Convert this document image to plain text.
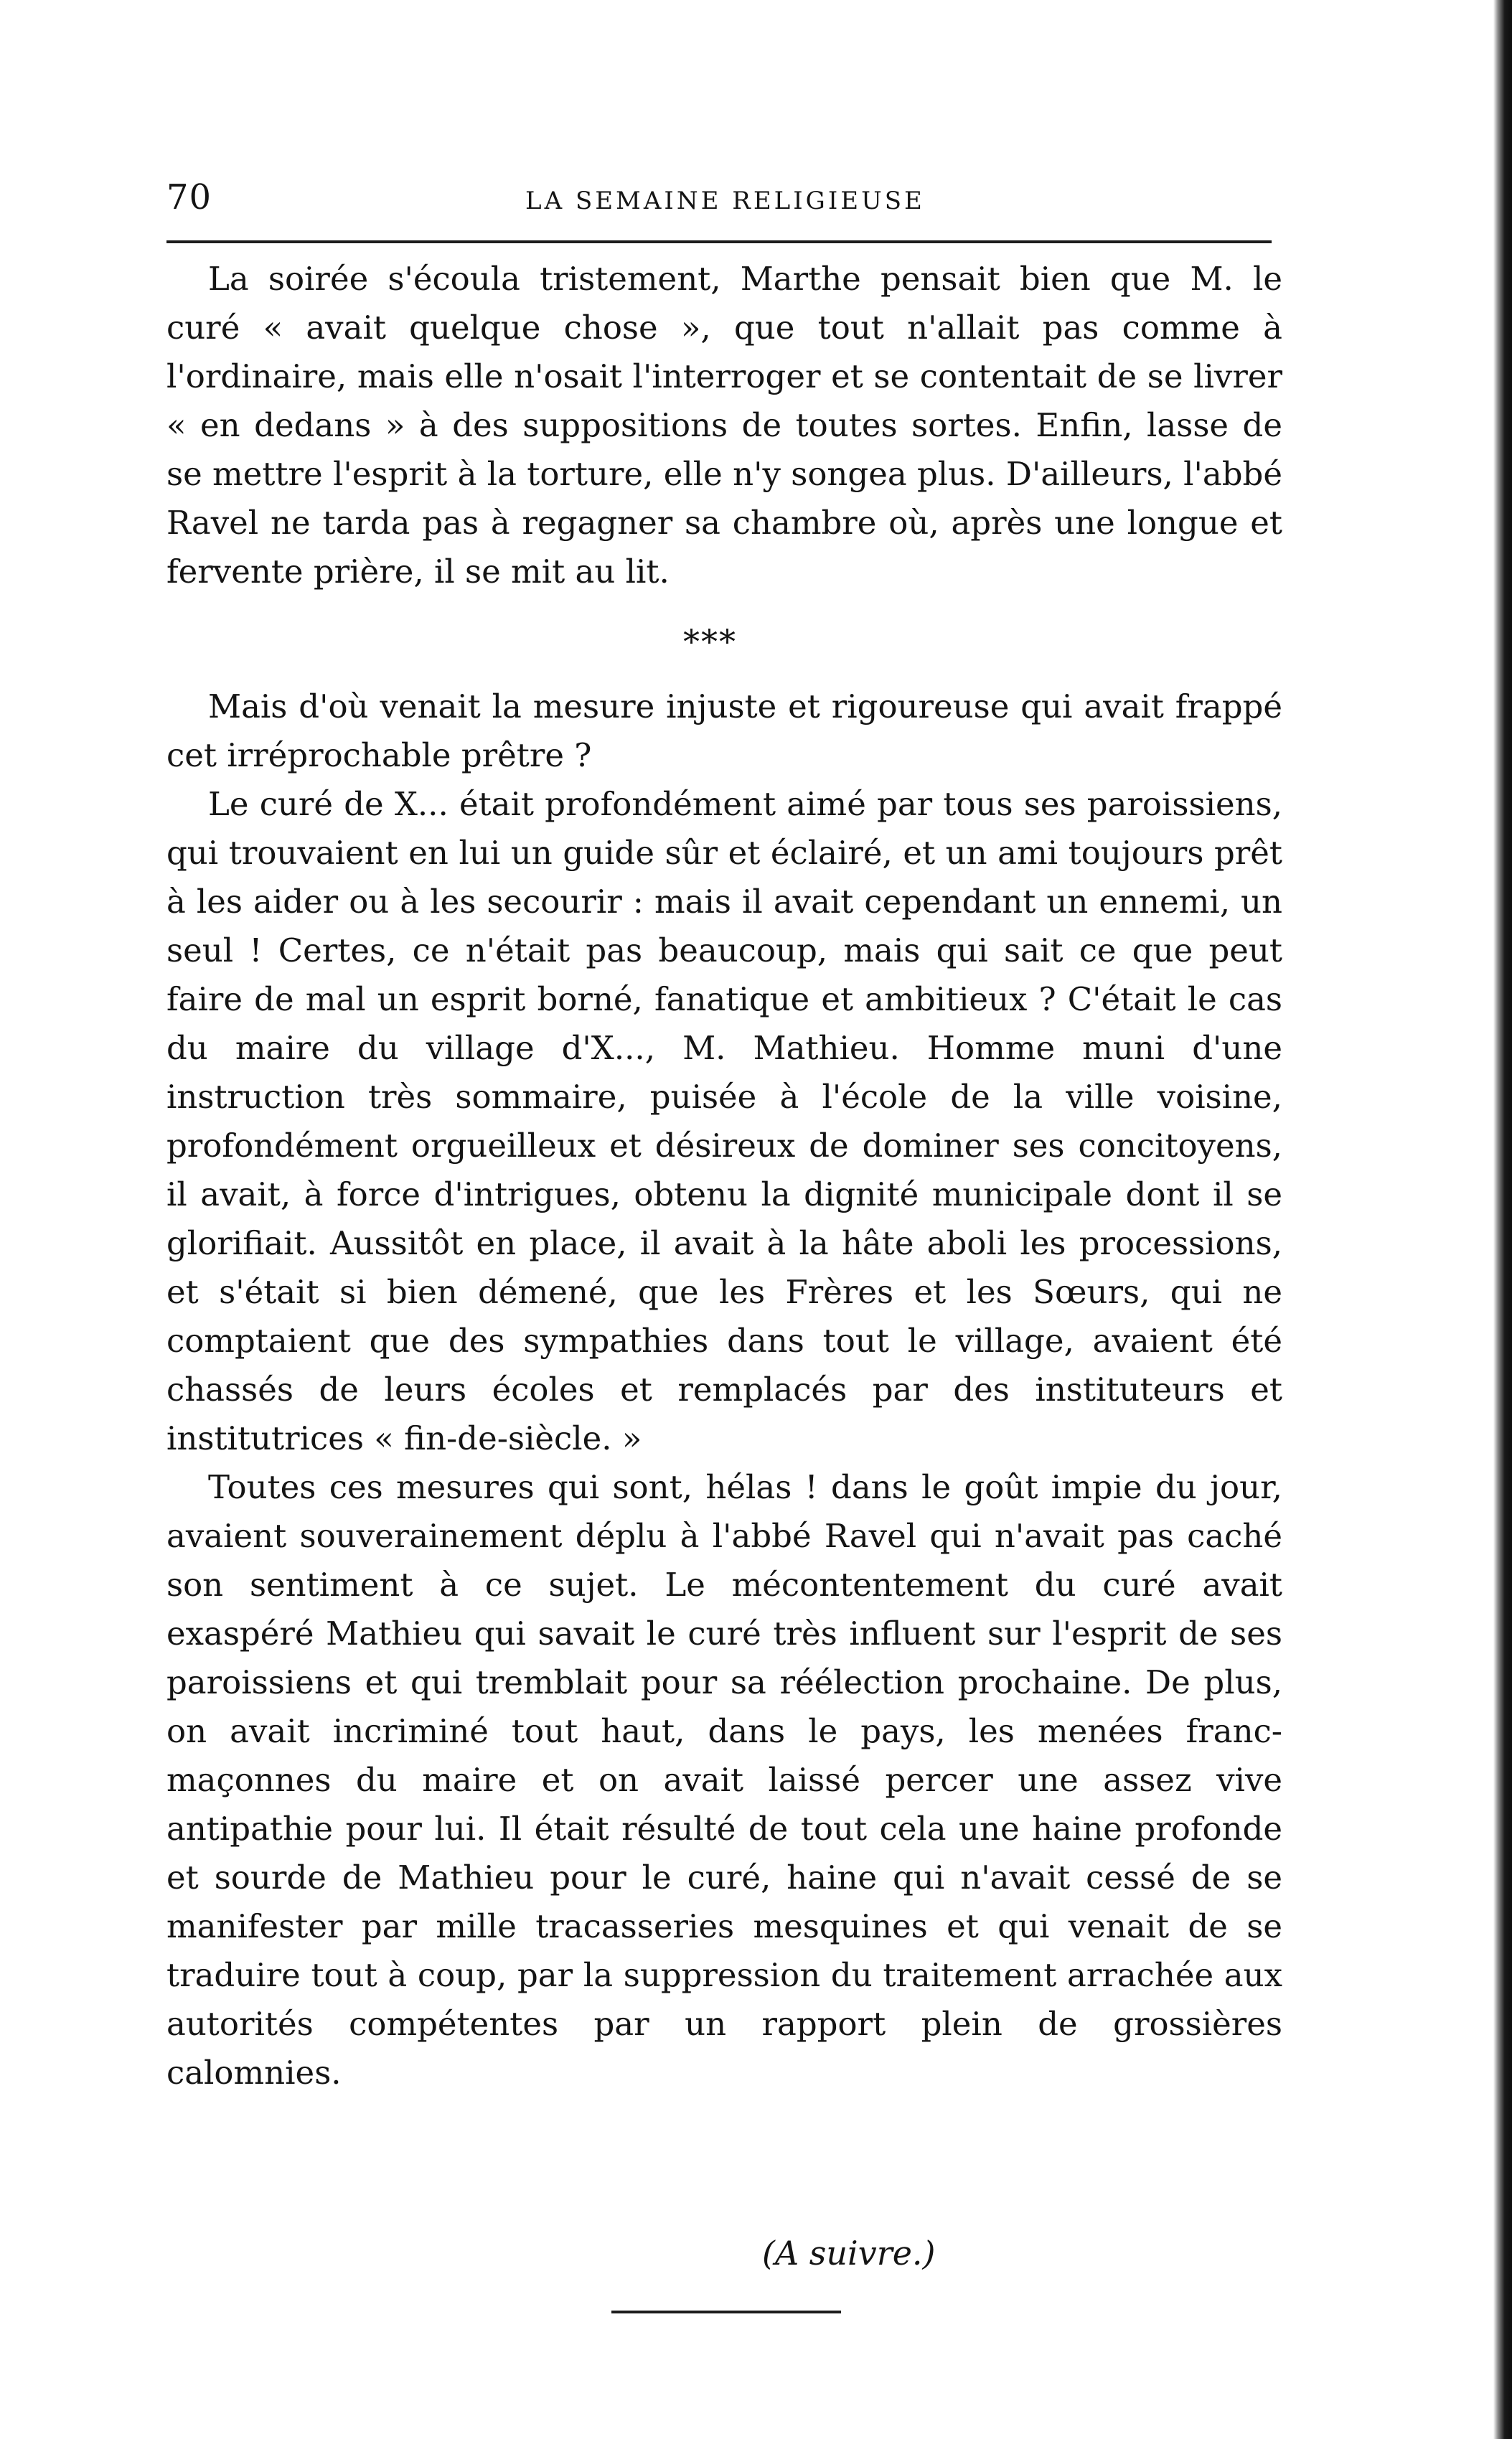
70	LA SEMAINE RELIGIEUSE

La soirée s'écoula tristement, Marthe pensait bien que M. le curé « avait quelque chose », que tout n'allait pas comme à l'ordinaire, mais elle n'osait l'interroger et se contentait de se livrer « en dedans » à des suppositions de toutes sortes. Enfin, lasse de se mettre l'esprit à la torture, elle n'y songea plus. D'ailleurs, l'abbé Ravel ne tarda pas à regagner sa chambre où, après une longue et fervente prière, il se mit au lit.

***

Mais d'où venait la mesure injuste et rigoureuse qui avait frappé cet irréprochable prêtre ?

Le curé de X... était profondément aimé par tous ses paroissiens, qui trouvaient en lui un guide sûr et éclairé, et un ami toujours prêt à les aider ou à les secourir : mais il avait cependant un ennemi, un seul ! Certes, ce n'était pas beaucoup, mais qui sait ce que peut faire de mal un esprit borné, fanatique et ambitieux ? C'était le cas du maire du village d'X..., M. Mathieu. Homme muni d'une instruction très sommaire, puisée à l'école de la ville voisine, profondément orgueilleux et désireux de dominer ses concitoyens, il avait, à force d'intrigues, obtenu la dignité municipale dont il se glorifiait. Aussitôt en place, il avait à la hâte aboli les processions, et s'était si bien démené, que les Frères et les Sœurs, qui ne comptaient que des sympathies dans tout le village, avaient été chassés de leurs écoles et remplacés par des instituteurs et institutrices « fin-de-siècle. »

Toutes ces mesures qui sont, hélas ! dans le goût impie du jour, avaient souverainement déplu à l'abbé Ravel qui n'avait pas caché son sentiment à ce sujet. Le mécontentement du curé avait exaspéré Mathieu qui savait le curé très influent sur l'esprit de ses paroissiens et qui tremblait pour sa réélection prochaine. De plus, on avait incriminé tout haut, dans le pays, les menées franc-maçonnes du maire et on avait laissé percer une assez vive antipathie pour lui. Il était résulté de tout cela une haine profonde et sourde de Mathieu pour le curé, haine qui n'avait cessé de se manifester par mille tracasseries mesquines et qui venait de se traduire tout à coup, par la suppression du traitement arrachée aux autorités compétentes par un rapport plein de grossières calomnies.

(A suivre.)
